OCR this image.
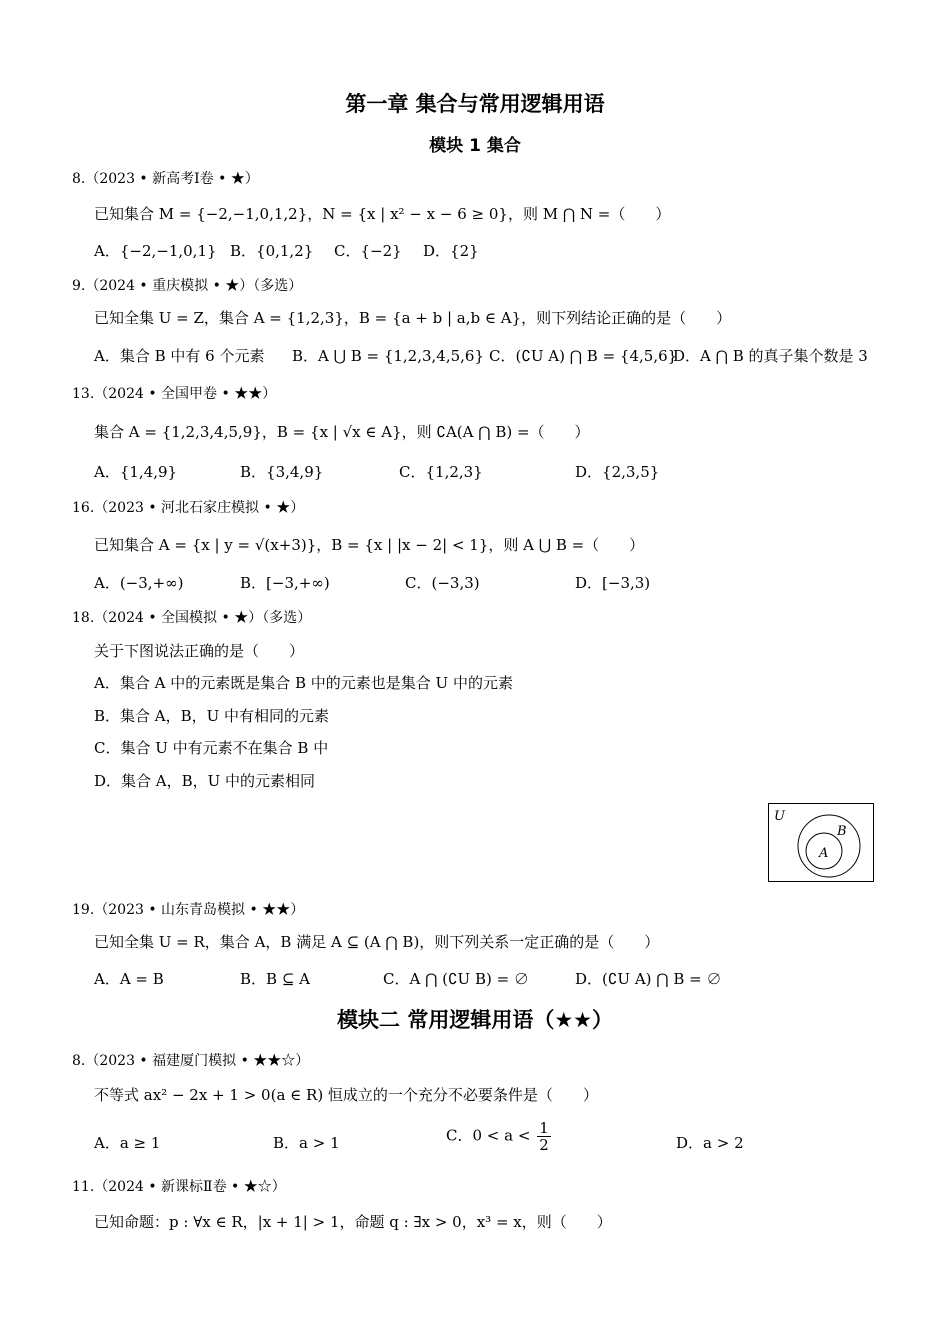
第一章 集合与常用逻辑用语
模块 1 集合
8.（2023 • 新高考Ⅰ卷 • ★）
已知集合 M = {−2,−1,0,1,2}，N = {x | x² − x − 6 ≥ 0}，则 M ⋂ N =（　　）
A．{−2,−1,0,1} B．{0,1,2} C．{−2} D．{2}
9.（2024 • 重庆模拟 • ★）（多选）
已知全集 U = Z，集合 A = {1,2,3}，B = {a + b | a,b ∈ A}，则下列结论正确的是（　　）
A．集合 B 中有 6 个元素 B．A ⋃ B = {1,2,3,4,5,6} C．(∁U A) ⋂ B = {4,5,6}
D．A ⋂ B 的真子集个数是 3
13.（2024 • 全国甲卷 • ★★）
集合 A = {1,2,3,4,5,9}，B = {x | √x ∈ A}，则 ∁A(A ⋂ B) =（　　）
A．{1,4,9}	B．{3,4,9}	C．{1,2,3}	D．{2,3,5}
16.（2023 • 河北石家庄模拟 • ★）
已知集合 A = {x | y = √(x+3)}，B = {x | |x − 2| < 1}，则 A ⋃ B =（　　）
A．(−3,+∞)	B．[−3,+∞)	C．(−3,3)	D．[−3,3)
18.（2024 • 全国模拟 • ★）（多选）
关于下图说法正确的是（　　）
A．集合 A 中的元素既是集合 B 中的元素也是集合 U 中的元素
B．集合 A，B，U 中有相同的元素
C．集合 U 中有元素不在集合 B 中
D．集合 A，B，U 中的元素相同
U
B
A
19.（2023 • 山东青岛模拟 • ★★）
已知全集 U = R，集合 A，B 满足 A ⊆ (A ⋂ B)，则下列关系一定正确的是（　　）
A．A = B	B．B ⊆ A	C．A ⋂ (∁U B) = ∅	D．(∁U A) ⋂ B = ∅
模块二 常用逻辑用语（★★）
8.（2023 • 福建厦门模拟 • ★★☆）
不等式 ax² − 2x + 1 > 0(a ∈ R) 恒成立的一个充分不必要条件是（　　）
A．a ≥ 1	B．a > 1	C．$0 < a < \frac{1}{2}$	D．a > 2
11.（2024 • 新课标Ⅱ卷 • ★☆）
已知命题：p : ∀x ∈ R，|x + 1| > 1，命题 q : ∃x > 0，x³ = x，则（　　）
